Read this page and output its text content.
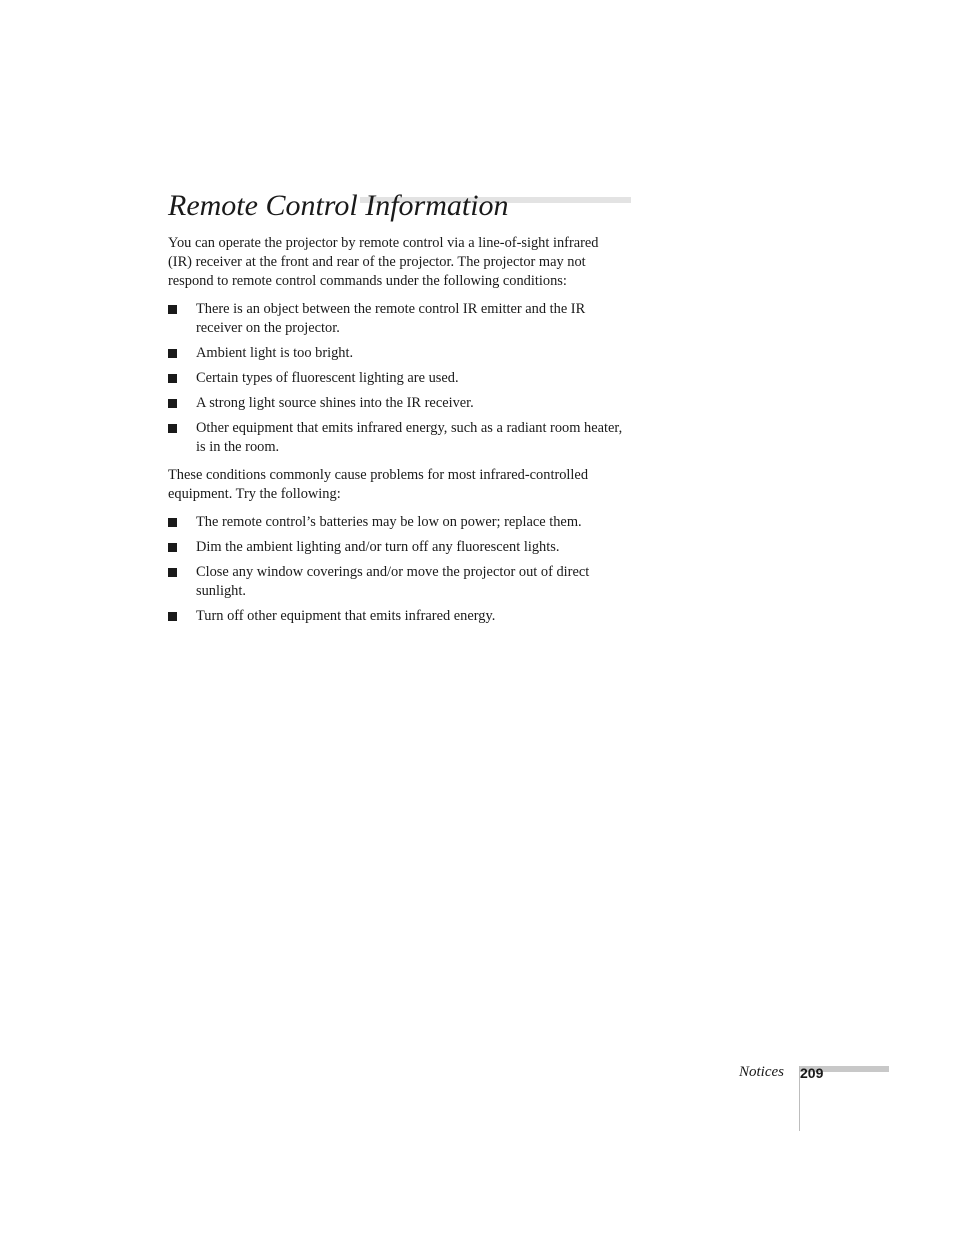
Remote Control Information

You can operate the projector by remote control via a line-of-sight infrared (IR) receiver at the front and rear of the projector. The projector may not respond to remote control commands under the following conditions:

There is an object between the remote control IR emitter and the IR receiver on the projector.
Ambient light is too bright.
Certain types of fluorescent lighting are used.
A strong light source shines into the IR receiver.
Other equipment that emits infrared energy, such as a radiant room heater, is in the room.

These conditions commonly cause problems for most infrared-controlled equipment. Try the following:

The remote control’s batteries may be low on power; replace them.
Dim the ambient lighting and/or turn off any fluorescent lights.
Close any window coverings and/or move the projector out of direct sunlight.
Turn off other equipment that emits infrared energy.
Notices 209
